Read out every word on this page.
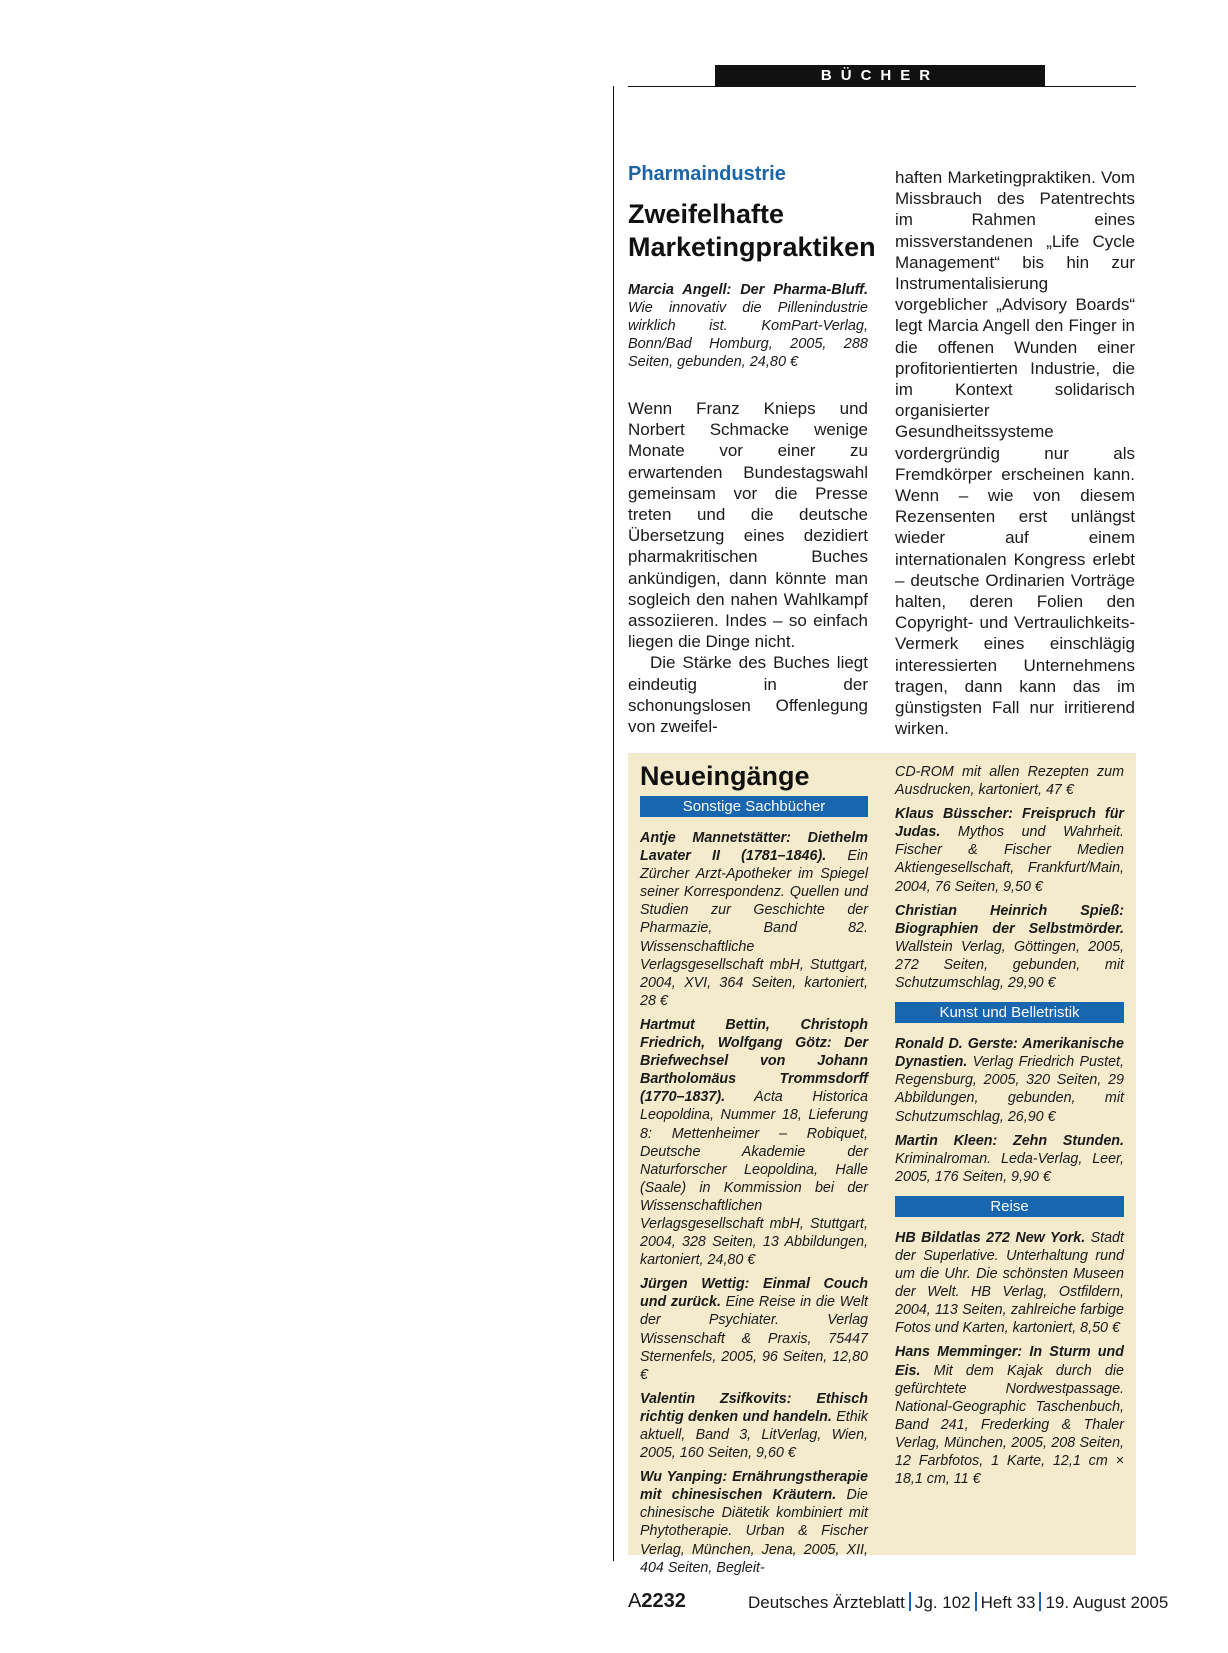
BÜCHER
Pharmaindustrie
Zweifelhafte Marketingpraktiken
Marcia Angell: Der Pharma-Bluff. Wie innovativ die Pillenindustrie wirklich ist. KomPart-Verlag, Bonn/Bad Homburg, 2005, 288 Seiten, gebunden, 24,80 €

Wenn Franz Knieps und Norbert Schmacke wenige Monate vor einer zu erwartenden Bundestagswahl gemeinsam vor die Presse treten und die deutsche Übersetzung eines dezidiert pharmakritischen Buches ankündigen, dann könnte man sogleich den nahen Wahlkampf assoziieren. Indes – so einfach liegen die Dinge nicht.

Die Stärke des Buches liegt eindeutig in der schonungslosen Offenlegung von zweifel-

haften Marketingpraktiken. Vom Missbrauch des Patentrechts im Rahmen eines missverstandenen „Life Cycle Management“ bis hin zur Instrumentalisierung vorgeblicher „Advisory Boards“ legt Marcia Angell den Finger in die offenen Wunden einer profitorientierten Industrie, die im Kontext solidarisch organisierter Gesundheitssysteme vordergründig nur als Fremdkörper erscheinen kann. Wenn – wie von diesem Rezensenten erst unlängst wieder auf einem internationalen Kongress erlebt – deutsche Ordinarien Vorträge halten, deren Folien den Copyright- und Vertraulichkeits-Vermerk eines einschlägig interessierten Unternehmens tragen, dann kann das im günstigsten Fall nur irritierend wirken.

Neueingänge
Sonstige Sachbücher
Antje Mannetstätter: Diethelm Lavater II (1781–1846). Ein Zürcher Arzt-Apotheker im Spiegel seiner Korrespondenz. Quellen und Studien zur Geschichte der Pharmazie, Band 82. Wissenschaftliche Verlagsgesellschaft mbH, Stuttgart, 2004, XVI, 364 Seiten, kartoniert, 28 €
Hartmut Bettin, Christoph Friedrich, Wolfgang Götz: Der Briefwechsel von Johann Bartholomäus Trommsdorff (1770–1837). Acta Historica Leopoldina, Nummer 18, Lieferung 8: Mettenheimer – Robiquet, Deutsche Akademie der Naturforscher Leopoldina, Halle (Saale) in Kommission bei der Wissenschaftlichen Verlagsgesellschaft mbH, Stuttgart, 2004, 328 Seiten, 13 Abbildungen, kartoniert, 24,80 €
Jürgen Wettig: Einmal Couch und zurück. Eine Reise in die Welt der Psychiater. Verlag Wissenschaft & Praxis, 75447 Sternenfels, 2005, 96 Seiten, 12,80 €
Valentin Zsifkovits: Ethisch richtig denken und handeln. Ethik aktuell, Band 3, LitVerlag, Wien, 2005, 160 Seiten, 9,60 €
Wu Yanping: Ernährungstherapie mit chinesischen Kräutern. Die chinesische Diätetik kombiniert mit Phytotherapie. Urban & Fischer Verlag, München, Jena, 2005, XII, 404 Seiten, Begleit-
CD-ROM mit allen Rezepten zum Ausdrucken, kartoniert, 47 €
Klaus Büsscher: Freispruch für Judas. Mythos und Wahrheit. Fischer & Fischer Medien Aktiengesellschaft, Frankfurt/Main, 2004, 76 Seiten, 9,50 €
Christian Heinrich Spieß: Biographien der Selbstmörder. Wallstein Verlag, Göttingen, 2005, 272 Seiten, gebunden, mit Schutzumschlag, 29,90 €
Kunst und Belletristik
Ronald D. Gerste: Amerikanische Dynastien. Verlag Friedrich Pustet, Regensburg, 2005, 320 Seiten, 29 Abbildungen, gebunden, mit Schutzumschlag, 26,90 €
Martin Kleen: Zehn Stunden. Kriminalroman. Leda-Verlag, Leer, 2005, 176 Seiten, 9,90 €
Reise
HB Bildatlas 272 New York. Stadt der Superlative. Unterhaltung rund um die Uhr. Die schönsten Museen der Welt. HB Verlag, Ostfildern, 2004, 113 Seiten, zahlreiche farbige Fotos und Karten, kartoniert, 8,50 €
Hans Memminger: In Sturm und Eis. Mit dem Kajak durch die gefürchtete Nordwestpassage. National-Geographic Taschenbuch, Band 241, Frederking & Thaler Verlag, München, 2005, 208 Seiten, 12 Farbfotos, 1 Karte, 12,1 cm × 18,1 cm, 11 €
A2232	Deutsches Ärzteblatt Jg. 102 Heft 33 19. August 2005
